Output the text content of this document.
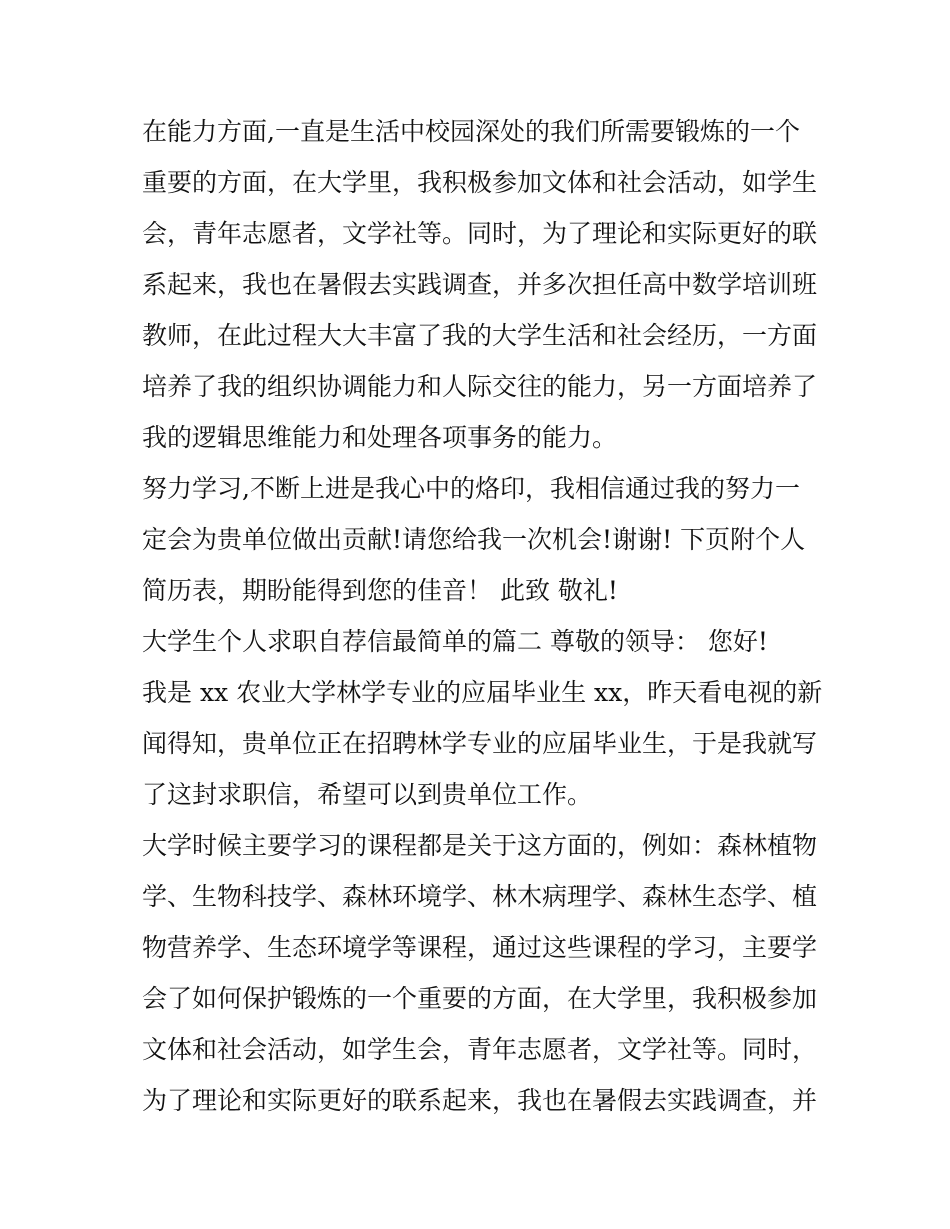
在能力方面,一直是生活中校园深处的我们所需要锻炼的一个
重要的方面，在大学里，我积极参加文体和社会活动，如学生
会，青年志愿者，文学社等。同时，为了理论和实际更好的联
系起来，我也在暑假去实践调查，并多次担任高中数学培训班
教师，在此过程大大丰富了我的大学生活和社会经历，一方面
培养了我的组织协调能力和人际交往的能力，另一方面培养了
我的逻辑思维能力和处理各项事务的能力。
努力学习,不断上进是我心中的烙印，我相信通过我的努力一
定会为贵单位做出贡献!请您给我一次机会!谢谢! 下页附个人
简历表，期盼能得到您的佳音！ 此致 敬礼!
大学生个人求职自荐信最简单的篇二 尊敬的领导： 您好!
我是 xx 农业大学林学专业的应届毕业生 xx，昨天看电视的新
闻得知，贵单位正在招聘林学专业的应届毕业生，于是我就写
了这封求职信，希望可以到贵单位工作。
大学时候主要学习的课程都是关于这方面的，例如：森林植物
学、生物科技学、森林环境学、林木病理学、森林生态学、植
物营养学、生态环境学等课程，通过这些课程的学习，主要学
会了如何保护锻炼的一个重要的方面，在大学里，我积极参加
文体和社会活动，如学生会，青年志愿者，文学社等。同时，
为了理论和实际更好的联系起来，我也在暑假去实践调查，并
